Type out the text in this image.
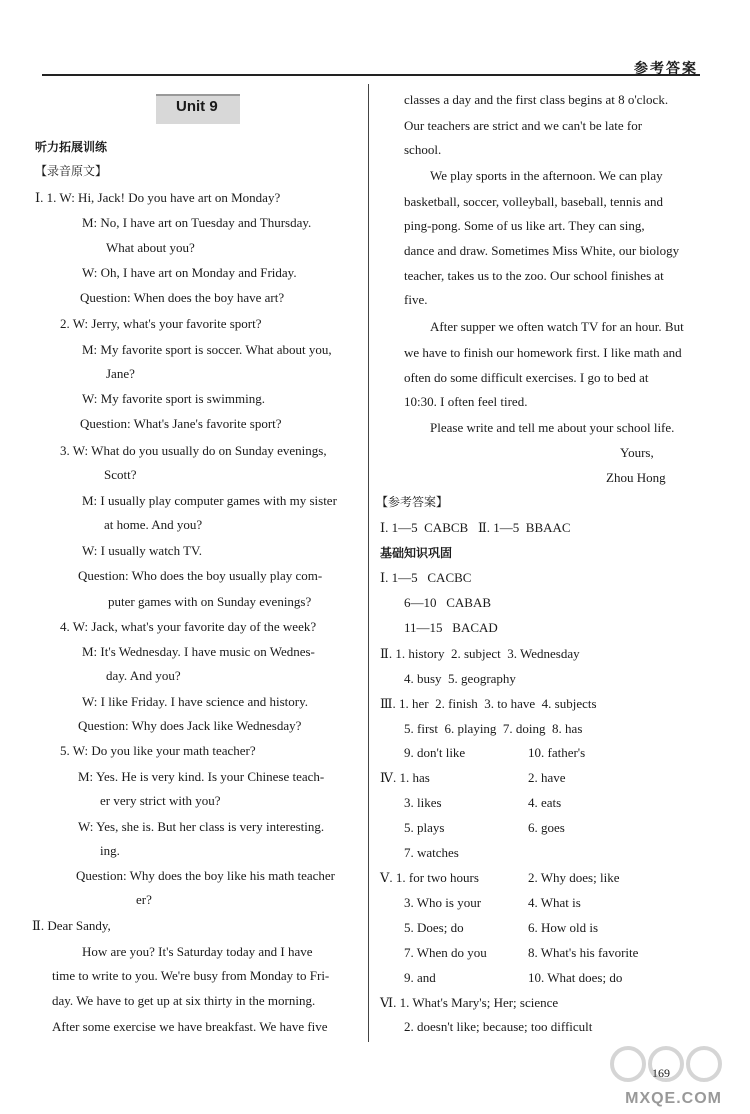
参考答案
Unit 9
听力拓展训练
【录音原文】
Ⅰ. 1. W: Hi, Jack! Do you have art on Monday?
M: No, I have art on Tuesday and Thursday.
What about you?
W: Oh, I have art on Monday and Friday.
Question: When does the boy have art?
2. W: Jerry, what's your favorite sport?
M: My favorite sport is soccer. What about you,
Jane?
W: My favorite sport is swimming.
Question: What's Jane's favorite sport?
3. W: What do you usually do on Sunday evenings,
Scott?
M: I usually play computer games with my sister
at home. And you?
W: I usually watch TV.
Question: Who does the boy usually play com-
puter games with on Sunday evenings?
4. W: Jack, what's your favorite day of the week?
M: It's Wednesday. I have music on Wednes-
day. And you?
W: I like Friday. I have science and history.
Question: Why does Jack like Wednesday?
5. W: Do you like your math teacher?
M: Yes. He is very kind. Is your Chinese teach-
er very strict with you?
W: Yes, she is. But her class is very interesting.
ing.
Question: Why does the boy like his math teacher
er?
Ⅱ. Dear Sandy,
How are you? It's Saturday today and I have
time to write to you. We're busy from Monday to Fri-
day. We have to get up at six thirty in the morning.
After some exercise we have breakfast. We have five
classes a day and the first class begins at 8 o'clock.
Our teachers are strict and we can't be late for
school.
We play sports in the afternoon. We can play
basketball, soccer, volleyball, baseball, tennis and
ping-pong. Some of us like art. They can sing,
dance and draw. Sometimes Miss White, our biology
teacher, takes us to the zoo. Our school finishes at
five.
After supper we often watch TV for an hour. But
we have to finish our homework first. I like math and
often do some difficult exercises. I go to bed at
10:30. I often feel tired.
Please write and tell me about your school life.
Yours,
Zhou Hong
【参考答案】
Ⅰ. 1—5  CABCB   Ⅱ. 1—5  BBAAC
基础知识巩固
Ⅰ. 1—5   CACBC
6—10   CABAB
11—15   BACAD
Ⅱ. 1. history  2. subject  3. Wednesday
4. busy  5. geography
Ⅲ. 1. her  2. finish  3. to have  4. subjects
5. first  6. playing  7. doing  8. has
9. don't like	10. father's
Ⅳ. 1. has	2. have
3. likes	4. eats
5. plays	6. goes
7. watches
Ⅴ. 1. for two hours	2. Why does; like
3. Who is your	4. What is
5. Does; do	6. How old is
7. When do you	8. What's his favorite
9. and	10. What does; do
Ⅵ. 1. What's Mary's; Her; science
2. doesn't like; because; too difficult
169
MXQE.COM
